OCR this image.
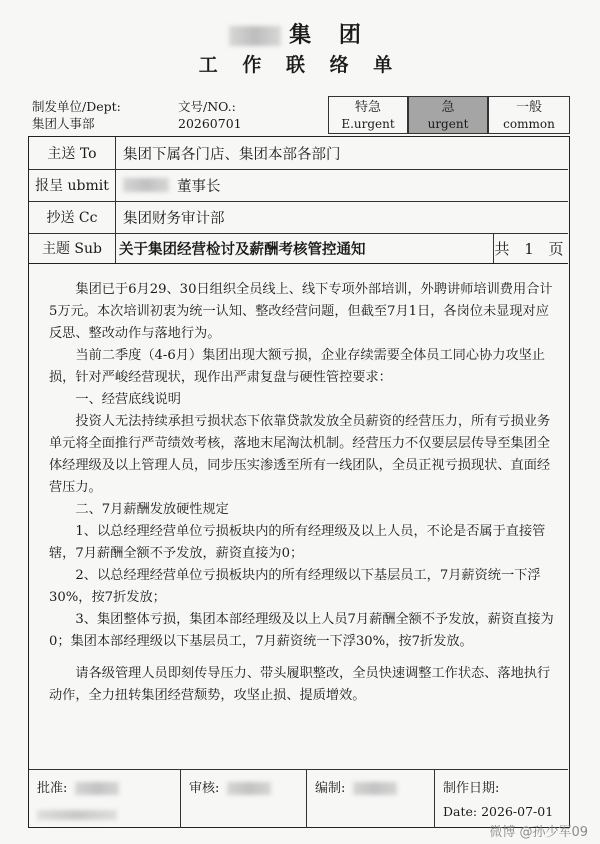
集 团
工 作 联 络 单
制发单位/Dept:
集团人事部
文号/NO.:
20260701
特急
E.urgent
急
urgent
一般
common
主送 To	集团下属各门店、集团本部各部门
报呈 ubmit	董事长
抄送 Cc	集团财务审计部
主题 Sub	关于集团经营检讨及薪酬考核管控通知	共 1 页

集团已于6月29、30日组织全员线上、线下专项外部培训，外聘讲师培训费用合计5万元。本次培训初衷为统一认知、整改经营问题，但截至7月1日，各岗位未显现对应反思、整改动作与落地行为。

当前二季度（4-6月）集团出现大额亏损，企业存续需要全体员工同心协力攻坚止损，针对严峻经营现状，现作出严肃复盘与硬性管控要求：

一、经营底线说明

投资人无法持续承担亏损状态下依靠贷款发放全员薪资的经营压力，所有亏损业务单元将全面推行严苛绩效考核，落地末尾淘汰机制。经营压力不仅要层层传导至集团全体经理级及以上管理人员，同步压实渗透至所有一线团队，全员正视亏损现状、直面经营压力。

二、7月薪酬发放硬性规定

1、以总经理经营单位亏损板块内的所有经理级及以上人员，不论是否属于直接管辖，7月薪酬全额不予发放，薪资直接为0；

2、以总经理经营单位亏损板块内的所有经理级以下基层员工，7月薪资统一下浮30%，按7折发放；

3、集团整体亏损，集团本部经理级及以上人员7月薪酬全额不予发放，薪资直接为0；集团本部经理级以下基层员工，7月薪资统一下浮30%，按7折发放。

请各级管理人员即刻传导压力、带头履职整改，全员快速调整工作状态、落地执行动作，全力扭转集团经营颓势，攻坚止损、提质增效。

批准:	审核:	编制:	制作日期:
Date: 2026-07-01
微博 @孙少军09
